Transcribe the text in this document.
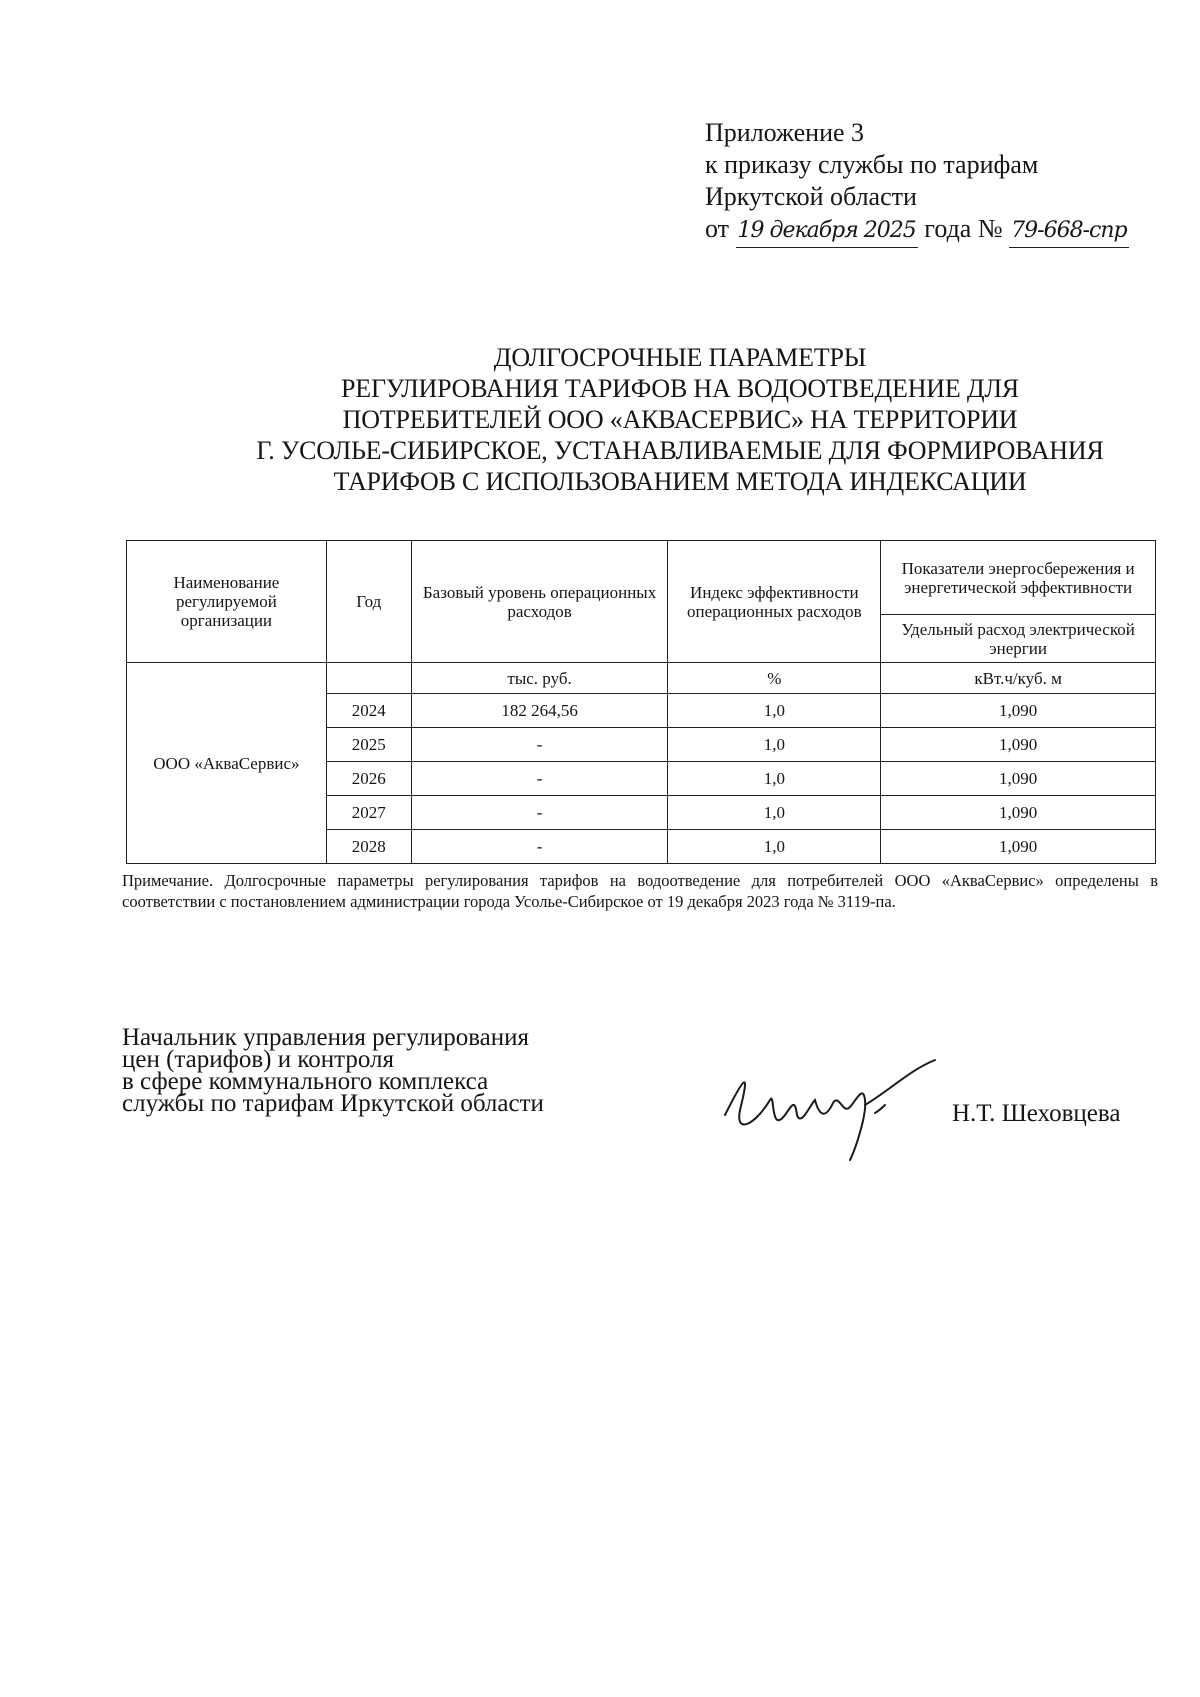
Приложение 3
к приказу службы по тарифам
Иркутской области
от 19 декабря 2025 года № 79-668-спр
ДОЛГОСРОЧНЫЕ ПАРАМЕТРЫ
РЕГУЛИРОВАНИЯ ТАРИФОВ НА ВОДООТВЕДЕНИЕ ДЛЯ
ПОТРЕБИТЕЛЕЙ ООО «АКВАСЕРВИС» НА ТЕРРИТОРИИ
Г. УСОЛЬЕ-СИБИРСКОЕ, УСТАНАВЛИВАЕМЫЕ ДЛЯ ФОРМИРОВАНИЯ
ТАРИФОВ С ИСПОЛЬЗОВАНИЕМ МЕТОДА ИНДЕКСАЦИИ
Наименование регулируемой организации	Год	Базовый уровень операционных расходов	Индекс эффективности операционных расходов	Показатели энергосбережения и энергетической эффективности
				Удельный расход электрической энергии
ООО «АкваСервис»		тыс. руб.	%	кВт.ч/куб. м
	2024	182 264,56	1,0	1,090
	2025	-	1,0	1,090
	2026	-	1,0	1,090
	2027	-	1,0	1,090
	2028	-	1,0	1,090

Примечание. Долгосрочные параметры регулирования тарифов на водоотведение для потребителей ООО «АкваСервис» определены в соответствии с постановлением администрации города Усолье-Сибирское от 19 декабря 2023 года № 3119-па.

Начальник управления регулирования
цен (тарифов) и контроля
в сфере коммунального комплекса
службы по тарифам Иркутской области	Н.Т. Шеховцева
